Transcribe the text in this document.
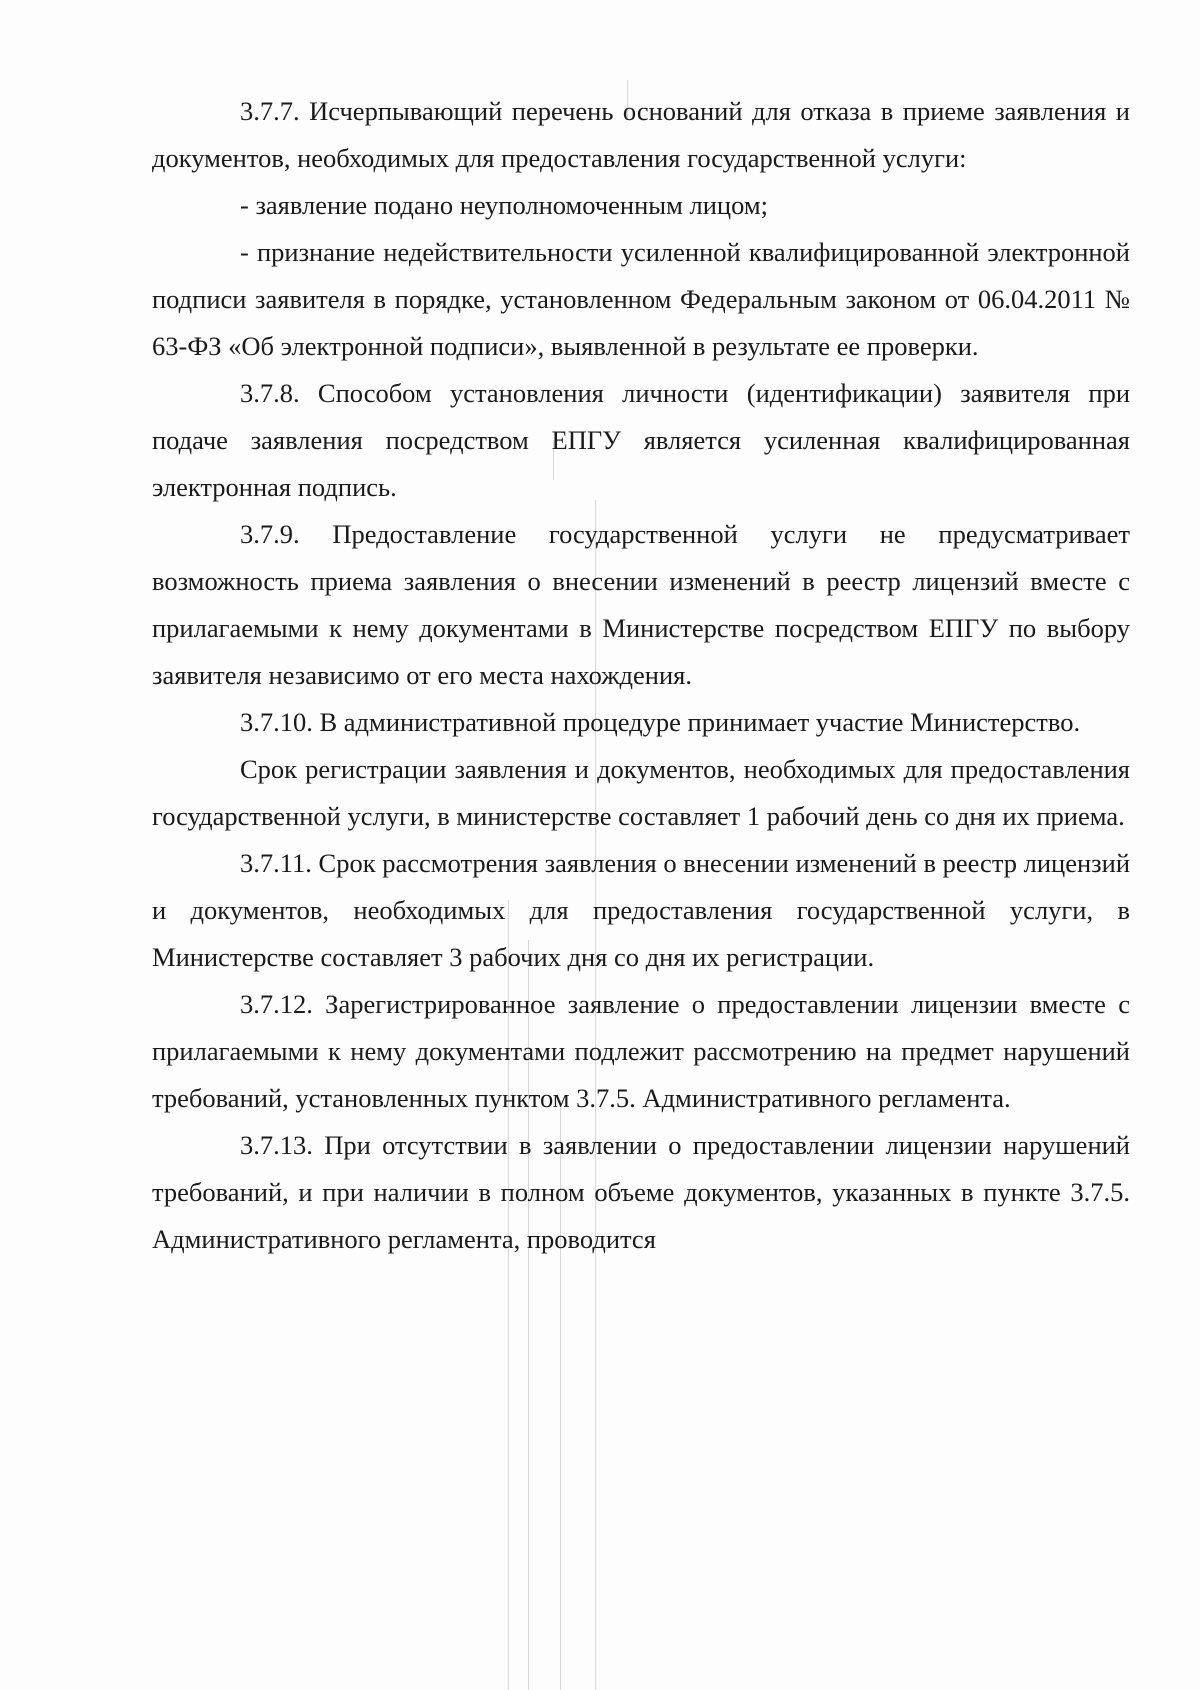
3.7.7. Исчерпывающий перечень оснований для отказа в приеме заявления и документов, необходимых для предоставления государственной услуги:

- заявление подано неуполномоченным лицом;

- признание недействительности усиленной квалифицированной электронной подписи заявителя в порядке, установленном Федеральным законом от 06.04.2011 № 63-ФЗ «Об электронной подписи», выявленной в результате ее проверки.

3.7.8. Способом установления личности (идентификации) заявителя при подаче заявления посредством ЕПГУ является усиленная квалифицированная электронная подпись.

3.7.9. Предоставление государственной услуги не предусматривает возможность приема заявления о внесении изменений в реестр лицензий вместе с прилагаемыми к нему документами в Министерстве посредством ЕПГУ по выбору заявителя независимо от его места нахождения.

3.7.10. В административной процедуре принимает участие Министерство.

Срок регистрации заявления и документов, необходимых для предоставления государственной услуги, в министерстве составляет 1 рабочий день со дня их приема.

3.7.11. Срок рассмотрения заявления о внесении изменений в реестр лицензий и документов, необходимых для предоставления государственной услуги, в Министерстве составляет 3 рабочих дня со дня их регистрации.

3.7.12. Зарегистрированное заявление о предоставлении лицензии вместе с прилагаемыми к нему документами подлежит рассмотрению на предмет нарушений требований, установленных пунктом 3.7.5. Административного регламента.

3.7.13. При отсутствии в заявлении о предоставлении лицензии нарушений требований, и при наличии в полном объеме документов, указанных в пункте 3.7.5. Административного регламента, проводится
